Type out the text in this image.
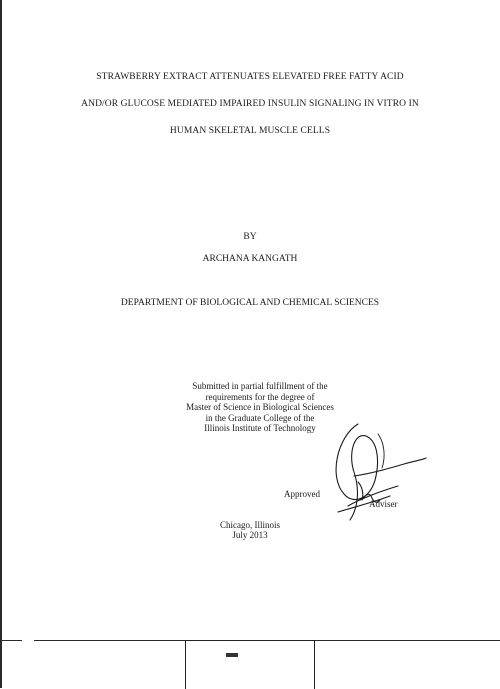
STRAWBERRY EXTRACT ATTENUATES ELEVATED FREE FATTY ACID
AND/OR GLUCOSE MEDIATED IMPAIRED INSULIN SIGNALING IN VITRO IN
HUMAN SKELETAL MUSCLE CELLS
BY
ARCHANA KANGATH
DEPARTMENT OF BIOLOGICAL AND CHEMICAL SCIENCES
Submitted in partial fulfillment of the
requirements for the degree of
Master of Science in Biological Sciences
in the Graduate College of the
Illinois Institute of Technology
Approved
Adviser
Chicago, Illinois
July 2013
